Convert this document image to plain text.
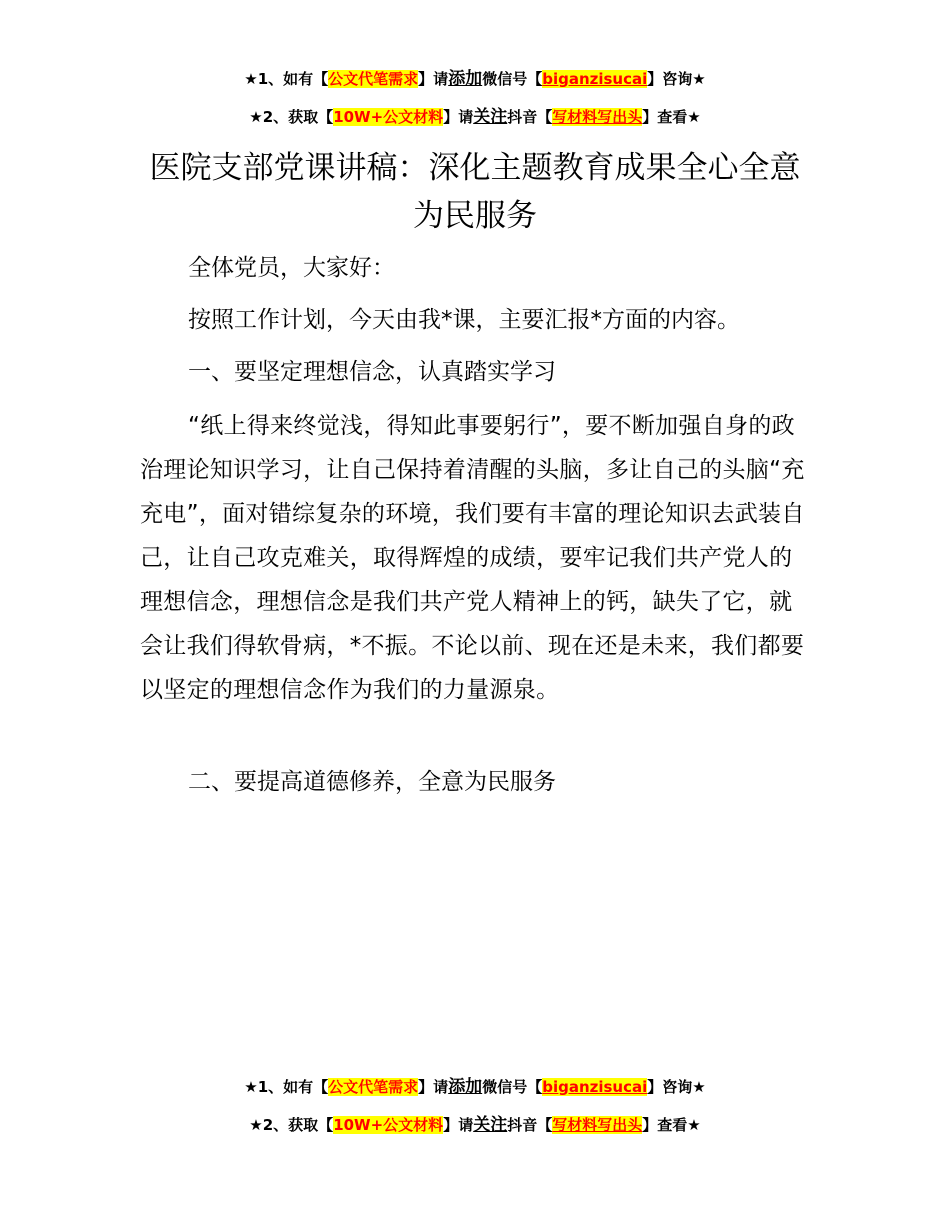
★1、如有【公文代笔需求】请添加微信号【biganzisucai】咨询★
★2、获取【10W+公文材料】请关注抖音【写材料写出头】查看★
医院支部党课讲稿：深化主题教育成果全心全意为民服务

全体党员，大家好：

按照工作计划，今天由我*课，主要汇报*方面的内容。

一、要坚定理想信念，认真踏实学习

“纸上得来终觉浅，得知此事要躬行”，要不断加强自身的政治理论知识学习，让自己保持着清醒的头脑，多让自己的头脑“充充电”，面对错综复杂的环境，我们要有丰富的理论知识去武装自己，让自己攻克难关，取得辉煌的成绩，要牢记我们共产党人的理想信念，理想信念是我们共产党人精神上的钙，缺失了它，就会让我们得软骨病，*不振。不论以前、现在还是未来，我们都要以坚定的理想信念作为我们的力量源泉。

二、要提高道德修养，全意为民服务

★1、如有【公文代笔需求】请添加微信号【biganzisucai】咨询★
★2、获取【10W+公文材料】请关注抖音【写材料写出头】查看★
